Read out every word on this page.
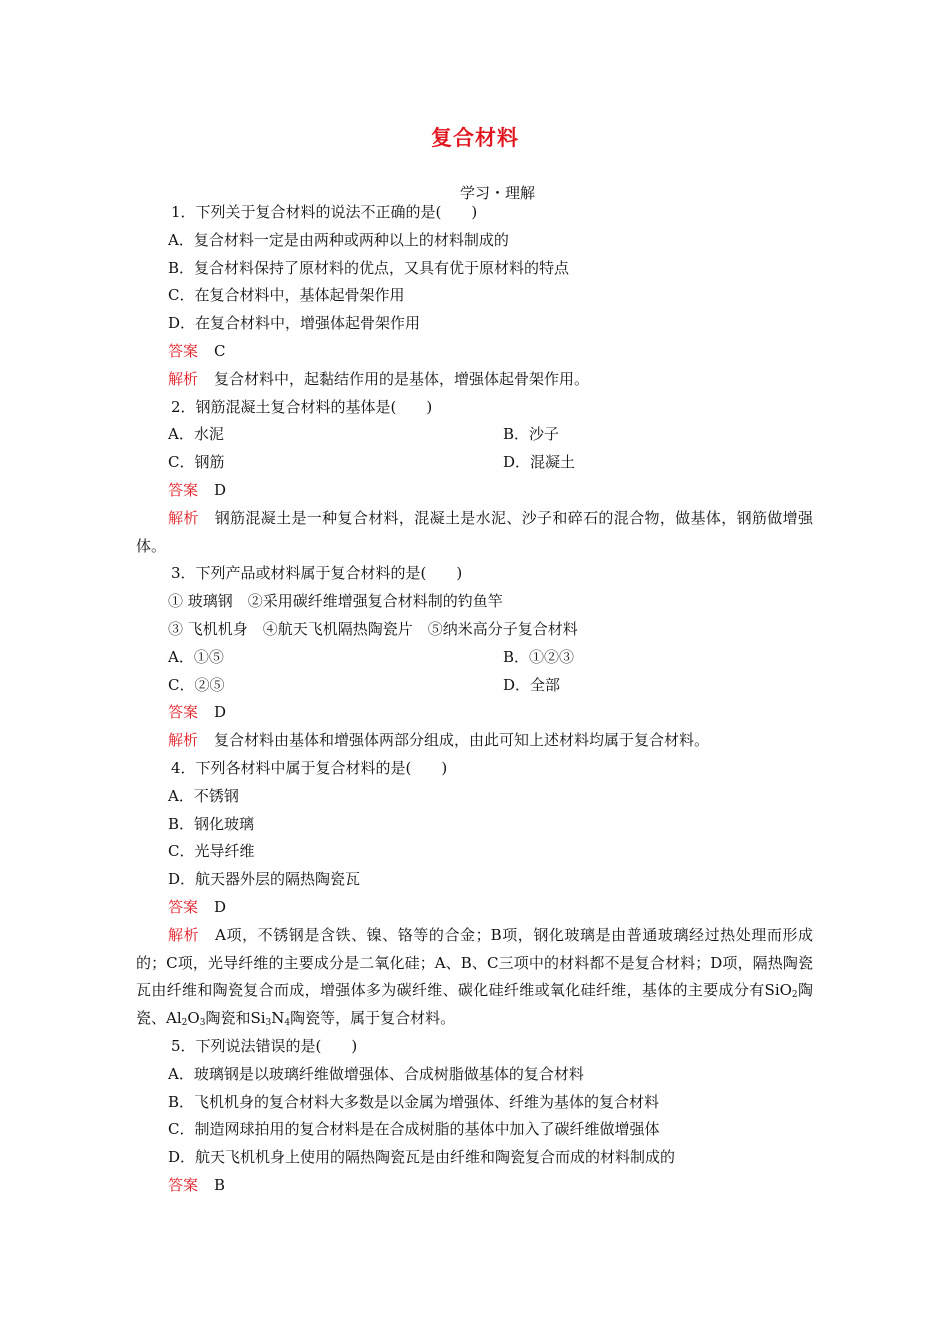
复合材料
学习・理解
1．下列关于复合材料的说法不正确的是(　　)
A．复合材料一定是由两种或两种以上的材料制成的
B．复合材料保持了原材料的优点，又具有优于原材料的特点
C．在复合材料中，基体起骨架作用
D．在复合材料中，增强体起骨架作用
答案 C
解析 复合材料中，起黏结作用的是基体，增强体起骨架作用。
2．钢筋混凝土复合材料的基体是(　　)
A．水泥	B．沙子
C．钢筋	D．混凝土
答案 D
解析 钢筋混凝土是一种复合材料，混凝土是水泥、沙子和碎石的混合物，做基体，钢筋做增强体。
3．下列产品或材料属于复合材料的是(　　)
① 玻璃钢　②采用碳纤维增强复合材料制的钓鱼竿
③ 飞机机身　④航天飞机隔热陶瓷片　⑤纳米高分子复合材料
A．①⑤	B．①②③
C．②⑤	D．全部
答案 D
解析 复合材料由基体和增强体两部分组成，由此可知上述材料均属于复合材料。
4．下列各材料中属于复合材料的是(　　)
A．不锈钢
B．钢化玻璃
C．光导纤维
D．航天器外层的隔热陶瓷瓦
答案 D
解析 A项，不锈钢是含铁、镍、铬等的合金；B项，钢化玻璃是由普通玻璃经过热处理而形成的；C项，光导纤维的主要成分是二氧化硅；A、B、C三项中的材料都不是复合材料；D项，隔热陶瓷瓦由纤维和陶瓷复合而成，增强体多为碳纤维、碳化硅纤维或氧化硅纤维，基体的主要成分有SiO$_2$陶瓷、$Al_2O_3$陶瓷和$Si_3N_4$陶瓷等，属于复合材料。
5．下列说法错误的是(　　)
A．玻璃钢是以玻璃纤维做增强体、合成树脂做基体的复合材料
B．飞机机身的复合材料大多数是以金属为增强体、纤维为基体的复合材料
C．制造网球拍用的复合材料是在合成树脂的基体中加入了碳纤维做增强体
D．航天飞机机身上使用的隔热陶瓷瓦是由纤维和陶瓷复合而成的材料制成的
答案 B
